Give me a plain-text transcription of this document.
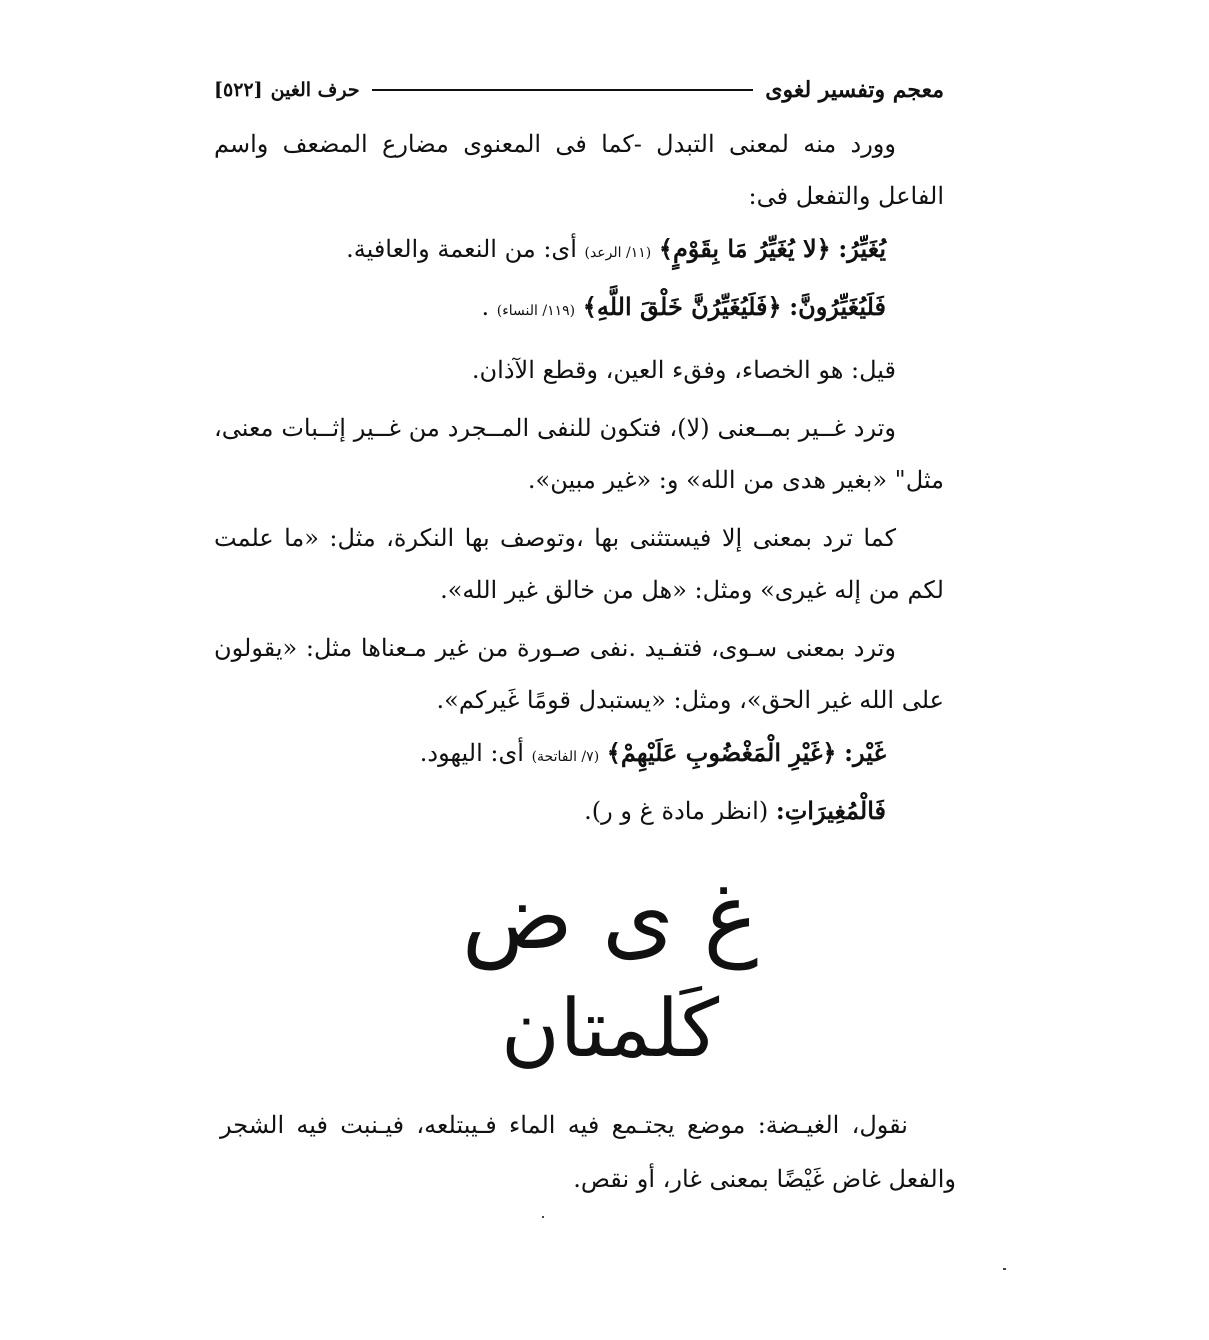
معجم وتفسير لغوى
حرف الغين
[٥٢٢]

وورد منه لمعنى التبدل -كما فى المعنوى مضارع المضعف واسم الفاعل والتفعل فى:

يُغَيِّرُ: ﴿لا يُغَيِّرُ مَا بِقَوْمٍ﴾ (١١/ الرعد) أى: من النعمة والعافية.

فَلَيُغَيِّرُونَّ: ﴿فَلَيُغَيِّرُنَّ خَلْقَ اللَّهِ﴾ (١١٩/ النساء) .

قيل: هو الخصاء، وفقء العين، وقطع الآذان.

وترد غــير بمــعنى (لا)، فتكون للنفى المــجرد من غــير إثــبات معنى، مثل" «بغير هدى من الله» و: «غير مبين».

كما ترد بمعنى إلا فيستثنى بها ،وتوصف بها النكرة، مثل: «ما علمت لكم من إله غيرى» ومثل: «هل من خالق غير الله».

وترد بمعنى سـوى، فتفـيد .نفى صـورة من غير مـعناها مثل: «يقولون على الله غير الحق»، ومثل: «يستبدل قومًا غَيركم».

غَيْر: ﴿غَيْرِ الْمَغْضُوبِ عَلَيْهِمْ﴾ (٧/ الفاتحة) أى: اليهود.

فَالْمُغِيرَاتِ: (انظر مادة غ و ر).

غ ى ض
كَلمتان

نقول، الغيـضة: موضع يجتـمع فيه الماء فـيبتلعه، فيـنبت فيه الشجر والفعل غاض غَيْضًا بمعنى غار، أو نقص.
